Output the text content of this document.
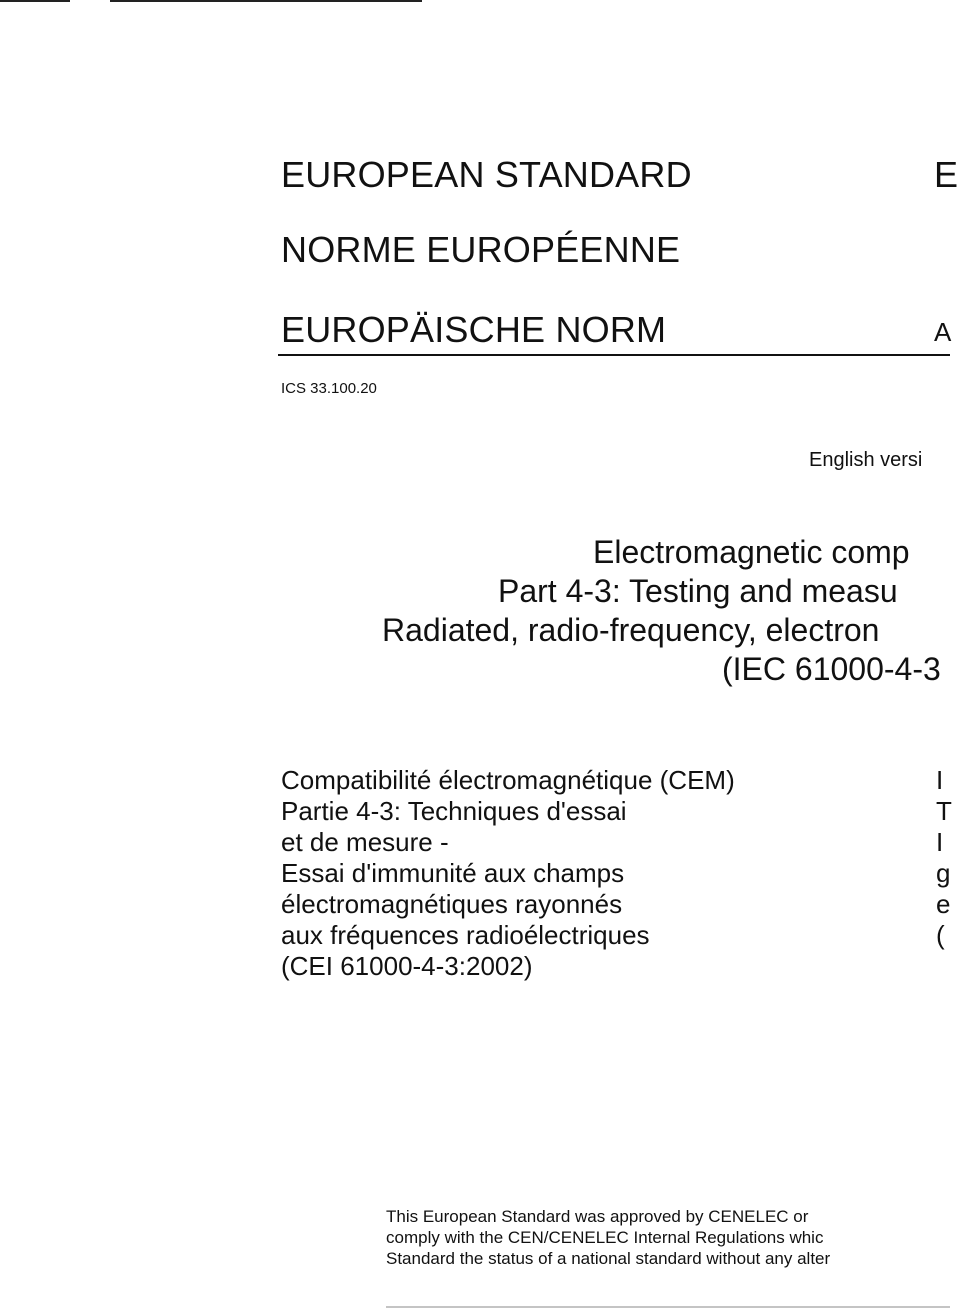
EUROPEAN STANDARD
NORME EUROPÉENNE
EUROPÄISCHE NORM
E
A
ICS 33.100.20
English versi
Electromagnetic comp
Part 4-3: Testing and measu
Radiated, radio-frequency, electron
(IEC 61000-4-3
Compatibilité électromagnétique (CEM)
Partie 4-3: Techniques d'essai
et de mesure -
Essai d'immunité aux champs
électromagnétiques rayonnés
aux fréquences radioélectriques
(CEI 61000-4-3:2002)
I
T
I
g
e
(
This European Standard was approved by CENELEC or
comply with the CEN/CENELEC Internal Regulations whic
Standard the status of a national standard without any alter
